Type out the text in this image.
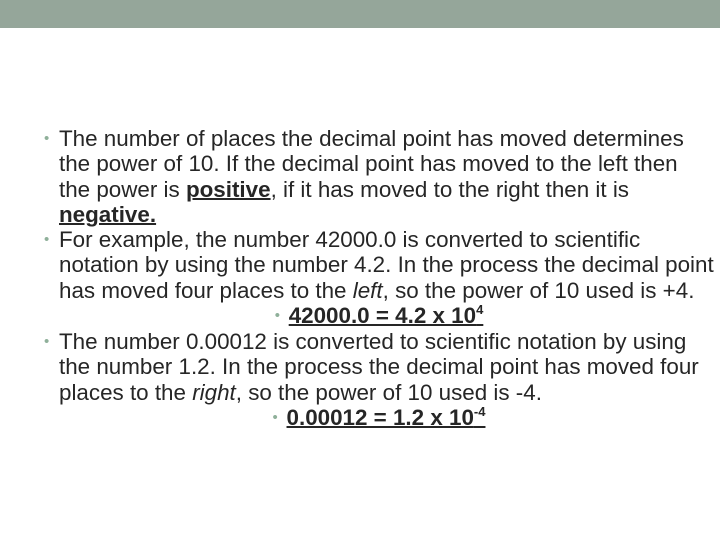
• The number of places the decimal point has moved determines the power of 10. If the decimal point has moved to the left then the power is positive, if it has moved to the right then it is negative.
• For example, the number 42000.0 is converted to scientific notation by using the number 4.2. In the process the decimal point has moved four places to the left, so the power of 10 used is +4.
• 42000.0 = 4.2 x $10^4$
• The number 0.00012 is converted to scientific notation by using the number 1.2. In the process the decimal point has moved four places to the right, so the power of 10 used is -4.
• 0.00012 = 1.2 x $10^{-4}$
